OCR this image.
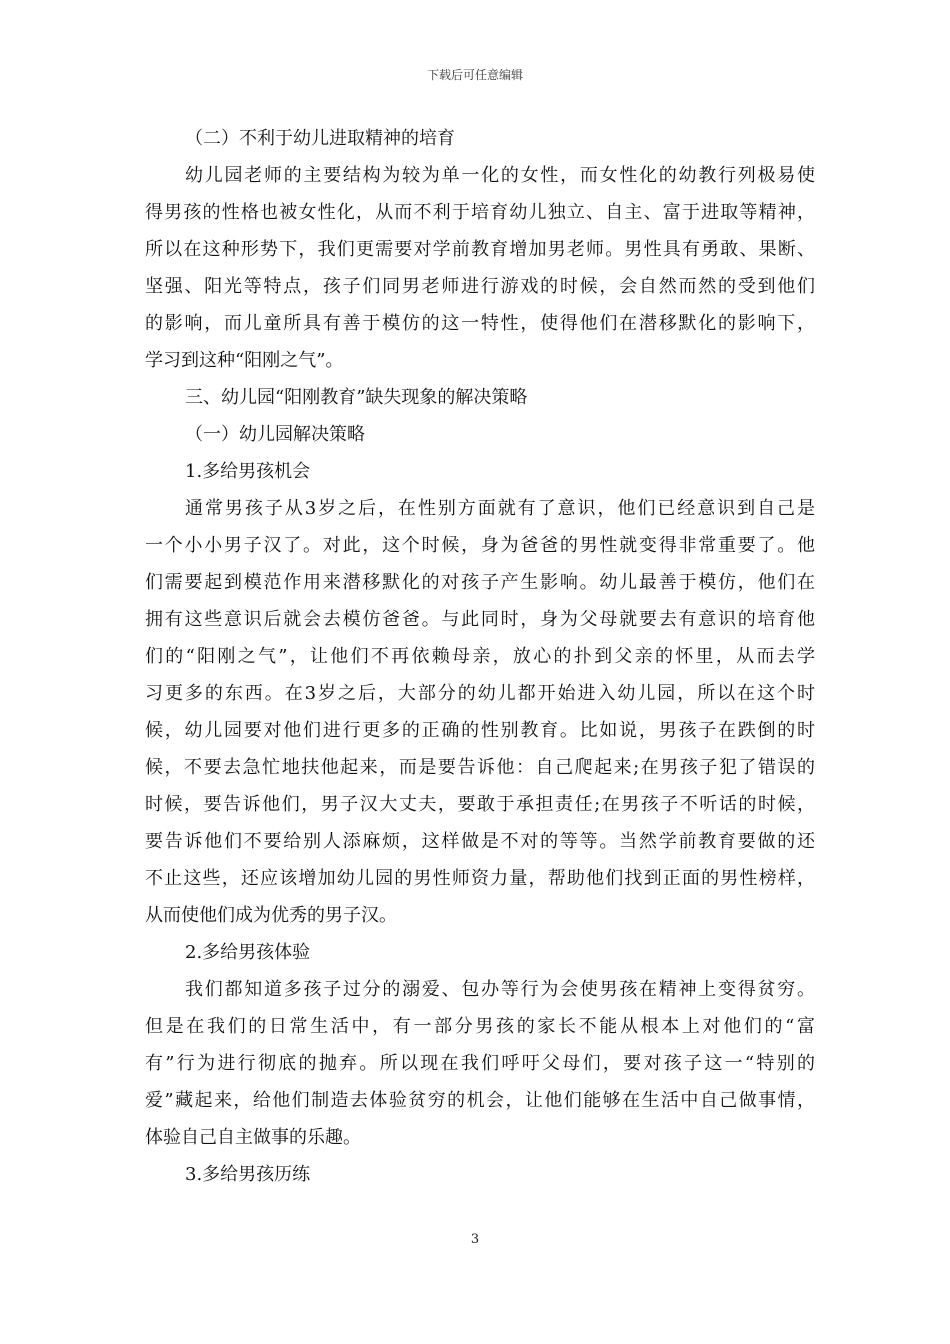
下载后可任意编辑
（二）不利于幼儿进取精神的培育
幼儿园老师的主要结构为较为单一化的女性，而女性化的幼教行列极易使
得男孩的性格也被女性化，从而不利于培育幼儿独立、自主、富于进取等精神，
所以在这种形势下，我们更需要对学前教育增加男老师。男性具有勇敢、果断、
坚强、阳光等特点，孩子们同男老师进行游戏的时候，会自然而然的受到他们
的影响，而儿童所具有善于模仿的这一特性，使得他们在潜移默化的影响下，
学习到这种“阳刚之气”。
三、幼儿园“阳刚教育”缺失现象的解决策略
（一）幼儿园解决策略
1.多给男孩机会
通常男孩子从3岁之后，在性别方面就有了意识，他们已经意识到自己是
一个小小男子汉了。对此，这个时候，身为爸爸的男性就变得非常重要了。他
们需要起到模范作用来潜移默化的对孩子产生影响。幼儿最善于模仿，他们在
拥有这些意识后就会去模仿爸爸。与此同时，身为父母就要去有意识的培育他
们的“阳刚之气”，让他们不再依赖母亲，放心的扑到父亲的怀里，从而去学
习更多的东西。在3岁之后，大部分的幼儿都开始进入幼儿园，所以在这个时
候，幼儿园要对他们进行更多的正确的性别教育。比如说，男孩子在跌倒的时
候，不要去急忙地扶他起来，而是要告诉他：自己爬起来;在男孩子犯了错误的
时候，要告诉他们，男子汉大丈夫，要敢于承担责任;在男孩子不听话的时候，
要告诉他们不要给别人添麻烦，这样做是不对的等等。当然学前教育要做的还
不止这些，还应该增加幼儿园的男性师资力量，帮助他们找到正面的男性榜样，
从而使他们成为优秀的男子汉。
2.多给男孩体验
我们都知道多孩子过分的溺爱、包办等行为会使男孩在精神上变得贫穷。
但是在我们的日常生活中，有一部分男孩的家长不能从根本上对他们的“富
有”行为进行彻底的抛弃。所以现在我们呼吁父母们，要对孩子这一“特别的
爱”藏起来，给他们制造去体验贫穷的机会，让他们能够在生活中自己做事情，
体验自己自主做事的乐趣。
3.多给男孩历练
3
